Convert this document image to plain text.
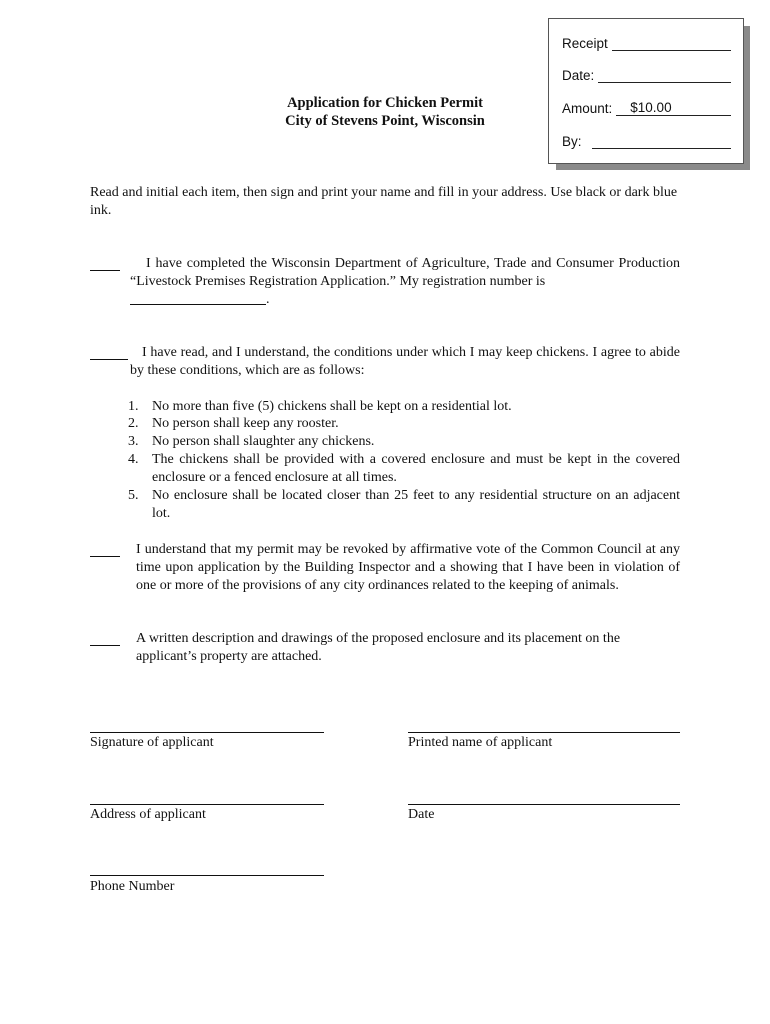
Receipt
Date:
Amount: $10.00
By:
Application for Chicken Permit
City of Stevens Point, Wisconsin
Read and initial each item, then sign and print your name and fill in your address. Use black or dark blue ink.
I have completed the Wisconsin Department of Agriculture, Trade and Consumer Production “Livestock Premises Registration Application.” My registration number is
.
I have read, and I understand, the conditions under which I may keep chickens. I agree to abide by these conditions, which are as follows:
1. No more than five (5) chickens shall be kept on a residential lot.
2. No person shall keep any rooster.
3. No person shall slaughter any chickens.
4. The chickens shall be provided with a covered enclosure and must be kept in the covered enclosure or a fenced enclosure at all times.
5. No enclosure shall be located closer than 25 feet to any residential structure on an adjacent lot.
I understand that my permit may be revoked by affirmative vote of the Common Council at any time upon application by the Building Inspector and a showing that I have been in violation of one or more of the provisions of any city ordinances related to the keeping of animals.
A written description and drawings of the proposed enclosure and its placement on the applicant’s property are attached.
Signature of applicant	Printed name of applicant
Address of applicant	Date
Phone Number
